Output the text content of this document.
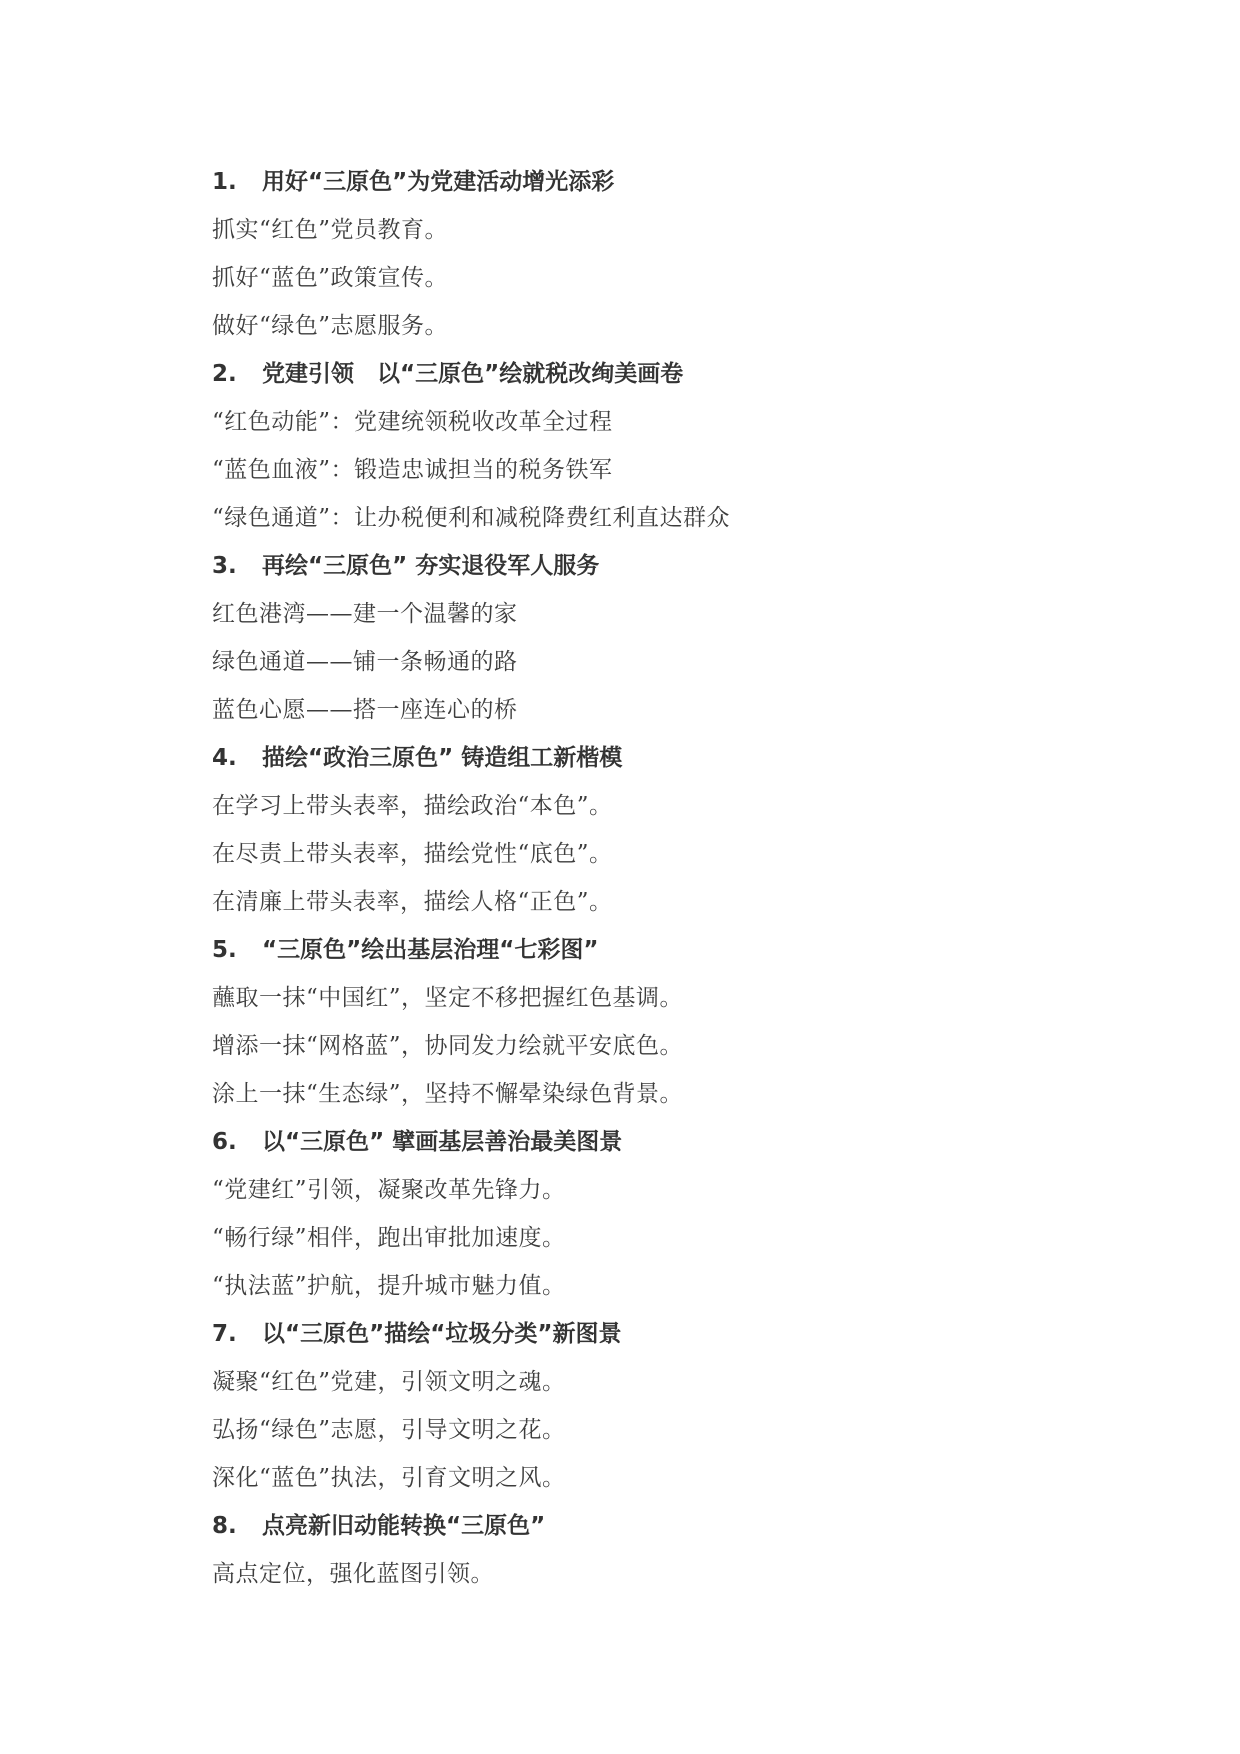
1.	用好“三原色”为党建活动增光添彩
抓实“红色”党员教育。
抓好“蓝色”政策宣传。
做好“绿色”志愿服务。
2.	党建引领　以“三原色”绘就税改绚美画卷
“红色动能”：党建统领税收改革全过程
“蓝色血液”：锻造忠诚担当的税务铁军
“绿色通道”：让办税便利和减税降费红利直达群众
3.	再绘“三原色” 夯实退役军人服务
红色港湾——建一个温馨的家
绿色通道——铺一条畅通的路
蓝色心愿——搭一座连心的桥
4.	描绘“政治三原色” 铸造组工新楷模
在学习上带头表率，描绘政治“本色”。
在尽责上带头表率，描绘党性“底色”。
在清廉上带头表率，描绘人格“正色”。
5.	“三原色”绘出基层治理“七彩图”
蘸取一抹“中国红”，坚定不移把握红色基调。
增添一抹“网格蓝”，协同发力绘就平安底色。
涂上一抹“生态绿”，坚持不懈晕染绿色背景。
6.	以“三原色” 擘画基层善治最美图景
“党建红”引领，凝聚改革先锋力。
“畅行绿”相伴，跑出审批加速度。
“执法蓝”护航，提升城市魅力值。
7.	以“三原色”描绘“垃圾分类”新图景
凝聚“红色”党建，引领文明之魂。
弘扬“绿色”志愿，引导文明之花。
深化“蓝色”执法，引育文明之风。
8.	点亮新旧动能转换“三原色”
高点定位，强化蓝图引领。
